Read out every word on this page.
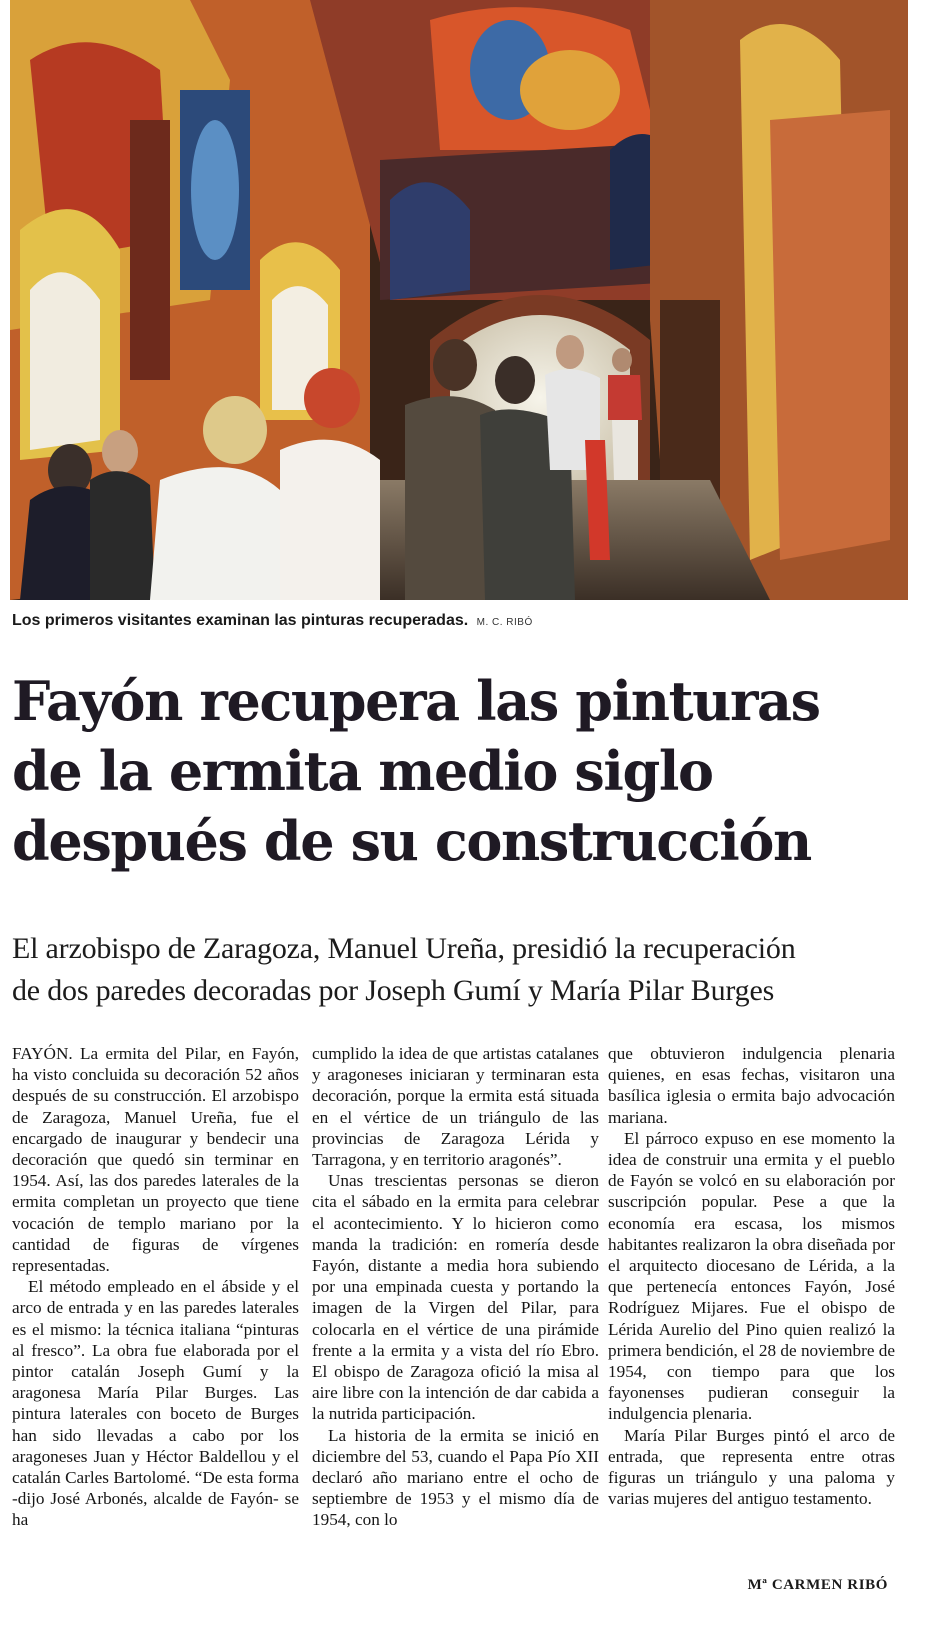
Los primeros visitantes examinan las pinturas recuperadas. M. C. RIBÓ
Fayón recupera las pinturas
de la ermita medio siglo
después de su construcción
El arzobispo de Zaragoza, Manuel Ureña, presidió la recuperación
de dos paredes decoradas por Joseph Gumí y María Pilar Burges

FAYÓN. La ermita del Pilar, en Fayón, ha visto concluida su decoración 52 años después de su construcción. El arzobispo de Zaragoza, Manuel Ureña, fue el encargado de inaugurar y bendecir una decoración que quedó sin terminar en 1954. Así, las dos paredes laterales de la ermita completan un proyecto que tiene vocación de templo mariano por la cantidad de figuras de vírgenes representadas.

El método empleado en el ábside y el arco de entrada y en las paredes laterales es el mismo: la técnica italiana “pinturas al fresco”. La obra fue elaborada por el pintor catalán Joseph Gumí y la aragonesa María Pilar Burges. Las pintura laterales con boceto de Burges han sido llevadas a cabo por los aragoneses Juan y Héctor Baldellou y el catalán Carles Bartolomé. “De esta forma -dijo José Arbonés, alcalde de Fayón- se ha

cumplido la idea de que artistas catalanes y aragoneses iniciaran y terminaran esta decoración, porque la ermita está situada en el vértice de un triángulo de las provincias de Zaragoza Lérida y Tarragona, y en territorio aragonés”.

Unas trescientas personas se dieron cita el sábado en la ermita para celebrar el acontecimiento. Y lo hicieron como manda la tradición: en romería desde Fayón, distante a media hora subiendo por una empinada cuesta y portando la imagen de la Virgen del Pilar, para colocarla en el vértice de una pirámide frente a la ermita y a vista del río Ebro. El obispo de Zaragoza ofició la misa al aire libre con la intención de dar cabida a la nutrida participación.

La historia de la ermita se inició en diciembre del 53, cuando el Papa Pío XII declaró año mariano entre el ocho de septiembre de 1953 y el mismo día de 1954, con lo

que obtuvieron indulgencia plenaria quienes, en esas fechas, visitaron una basílica iglesia o ermita bajo advocación mariana.

El párroco expuso en ese momento la idea de construir una ermita y el pueblo de Fayón se volcó en su elaboración por suscripción popular. Pese a que la economía era escasa, los mismos habitantes realizaron la obra diseñada por el arquitecto diocesano de Lérida, a la que pertenecía entonces Fayón, José Rodríguez Mijares. Fue el obispo de Lérida Aurelio del Pino quien realizó la primera bendición, el 28 de noviembre de 1954, con tiempo para que los fayonenses pudieran conseguir la indulgencia plenaria.

María Pilar Burges pintó el arco de entrada, que representa entre otras figuras un triángulo y una paloma y varias mujeres del antiguo testamento.

Mª CARMEN RIBÓ
